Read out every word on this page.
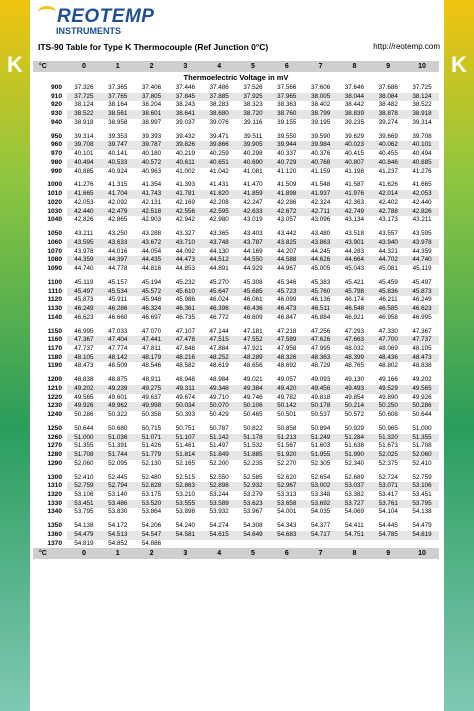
K	K
REOTEMP
INSTRUMENTS
ITS-90 Table for Type K Thermocouple (Ref Junction 0°C)	http://reotemp.com
°C	0	1	2	3	4	5	6	7	8	9	10
Thermoelectric Voltage in mV											
900	37.326	37.365	37.406	37.446	37.486	37.526	37.566	37.606	37.646	37.686	37.725
910	37.725	37.765	37.805	37.845	37.885	37.925	37.965	38.005	38.044	38.084	38.124
920	38.124	38.164	38.204	38.243	38.283	38.323	38.363	38.402	38.442	38.482	38.522
930	38.522	38.561	38.601	38.641	38.680	38.720	38.760	38.799	38.839	38.878	38.918
940	38.918	38.958	38.997	39.037	39.076	39.116	39.155	39.195	39.235	39.274	39.314

950	39.314	39.353	39.393	39.432	39.471	39.511	39.550	39.590	39.629	39.669	39.708
960	39.708	39.747	39.787	39.826	39.866	39.905	39.944	39.984	40.023	40.062	40.101
970	40.101	40.141	40.180	40.219	40.259	40.298	40.337	40.376	40.415	40.455	40.494
980	40.494	40.533	40.572	40.611	40.651	40.690	40.729	40.768	40.807	40.846	40.885
990	40.885	40.924	40.963	41.002	41.042	41.081	41.120	41.159	41.198	41.237	41.276

1000	41.276	41.315	41.354	41.393	41.431	41.470	41.509	41.548	41.587	41.626	41.665
1010	41.665	41.704	41.743	41.781	41.820	41.859	41.898	41.937	41.976	42.014	42.053
1020	42.053	42.092	42.131	42.169	42.208	42.247	42.286	42.324	42.363	42.402	42.440
1030	42.440	42.479	42.518	42.556	42.595	42.633	42.672	42.711	42.749	42.788	42.826
1040	42.826	42.865	42.903	42.942	42.980	43.019	43.057	43.096	43.134	43.173	43.211

1050	43.211	43.250	43.288	43.327	43.365	43.403	43.442	43.480	43.518	43.557	43.595
1060	43.595	43.633	43.672	43.710	43.748	43.787	43.825	43.863	43.901	43.940	43.978
1070	43.978	44.016	44.054	44.092	44.130	44.169	44.207	44.245	44.283	44.321	44.359
1080	44.359	44.397	44.435	44.473	44.512	44.550	44.588	44.626	44.664	44.702	44.740
1090	44.740	44.778	44.816	44.853	44.891	44.929	44.967	45.005	45.043	45.081	45.119

1100	45.119	45.157	45.194	45.232	45.270	45.308	45.346	45.383	45.421	45.459	45.497
1110	45.497	45.534	45.572	45.610	45.647	45.685	45.723	45.760	45.798	45.836	45.873
1120	45.873	45.911	45.948	45.986	46.024	46.061	46.099	46.136	46.174	46.211	46.249
1130	46.249	46.286	46.324	46.361	46.398	46.436	46.473	46.511	46.548	46.585	46.623
1140	46.623	46.660	46.697	46.735	46.772	46.809	46.847	46.884	46.921	46.958	46.995

1150	46.995	47.033	47.070	47.107	47.144	47.181	47.218	47.256	47.293	47.330	47.367
1160	47.367	47.404	47.441	47.478	47.515	47.552	47.589	47.626	47.663	47.700	47.737
1170	47.737	47.774	47.811	47.848	47.884	47.921	47.958	47.995	48.032	48.069	48.105
1180	48.105	48.142	48.179	48.216	48.252	48.289	48.326	48.363	48.399	48.436	48.473
1190	48.473	48.509	48.546	48.582	48.619	48.656	48.692	48.729	48.765	48.802	48.838

1200	48.838	48.875	48.911	48.948	48.984	49.021	49.057	49.093	49.130	49.166	49.202
1210	49.202	49.239	49.275	49.311	49.348	49.384	49.420	49.456	49.493	49.529	49.565
1220	49.565	49.601	49.637	49.674	49.710	49.746	49.782	49.818	49.854	49.890	49.926
1230	49.926	49.962	49.998	50.034	50.070	50.106	50.142	50.178	50.214	50.250	50.286
1240	50.286	50.322	50.358	50.393	50.429	50.465	50.501	50.537	50.572	50.608	50.644

1250	50.644	50.680	50.715	50.751	50.787	50.822	50.858	50.894	50.929	50.965	51.000
1260	51.000	51.036	51.071	51.107	51.142	51.178	51.213	51.249	51.284	51.320	51.355
1270	51.355	51.391	51.426	51.461	51.497	51.532	51.567	51.603	51.638	51.673	51.708
1280	51.708	51.744	51.779	51.814	51.849	51.885	51.920	51.955	51.990	52.025	52.060
1290	52.060	52.095	52.130	52.165	52.200	52.235	52.270	52.305	52.340	52.375	52.410

1300	52.410	52.445	52.480	52.515	52.550	52.585	52.620	52.654	52.689	52.724	52.759
1310	52.759	52.794	52.828	52.863	52.898	52.932	52.967	53.002	53.037	53.071	53.106
1320	53.106	53.140	53.175	53.210	53.244	53.279	53.313	53.348	53.382	53.417	53.451
1330	53.451	53.486	53.520	53.555	53.589	53.623	53.658	53.692	53.727	53.761	53.795
1340	53.795	53.830	53.864	53.898	53.932	53.967	54.001	54.035	54.069	54.104	54.138

1350	54.138	54.172	54.206	54.240	54.274	54.308	54.343	54.377	54.411	54.445	54.479
1360	54.479	54.513	54.547	54.581	54.615	54.649	54.683	54.717	54.751	54.785	54.819
1370	54.819	54.852	54.886								
°C	0	1	2	3	4	5	6	7	8	9	10
